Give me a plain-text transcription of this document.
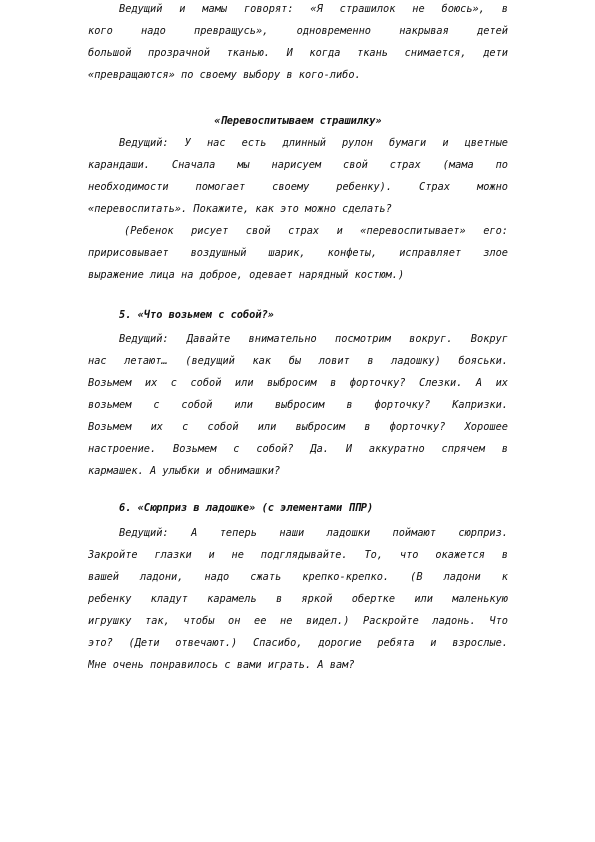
Ведущий и мамы говорят: «Я страшилок не боюсь», в
кого надо превращусь», одновременно накрывая детей
большой прозрачной тканью. И когда ткань снимается, дети
«превращаются» по своему выбору в кого-либо.
«Перевоспитываем страшилку»
Ведущий: У нас есть длинный рулон бумаги и цветные
карандаши. Сначала мы нарисуем свой страх (мама по
необходимости помогает своему ребенку). Страх можно
«перевоспитать». Покажите, как это можно сделать?
(Ребенок рисует свой страх и «перевоспитывает» его:
пририсовывает воздушный шарик, конфеты, исправляет злое
выражение лица на доброе, одевает нарядный костюм.)
5. «Что возьмем с собой?»
Ведущий: Давайте внимательно посмотрим вокруг. Вокруг
нас летают… (ведущий как бы ловит в ладошку) бояськи.
Возьмем их с собой или выбросим в форточку? Слезки. А их
возьмем с собой или выбросим в форточку? Капризки.
Возьмем их с собой или выбросим в форточку? Хорошее
настроение. Возьмем с собой? Да. И аккуратно спрячем в
кармашек. А улыбки и обнимашки?
6. «Сюрприз в ладошке» (с элементами ППР)
Ведущий: А теперь наши ладошки поймают сюрприз.
Закройте глазки и не подглядывайте. То, что окажется в
вашей ладони, надо сжать крепко-крепко. (В ладони к
ребенку кладут карамель в яркой обертке или маленькую
игрушку так, чтобы он ее не видел.) Раскройте ладонь. Что
это? (Дети отвечают.) Спасибо, дорогие ребята и взрослые.
Мне очень понравилось с вами играть. А вам?
